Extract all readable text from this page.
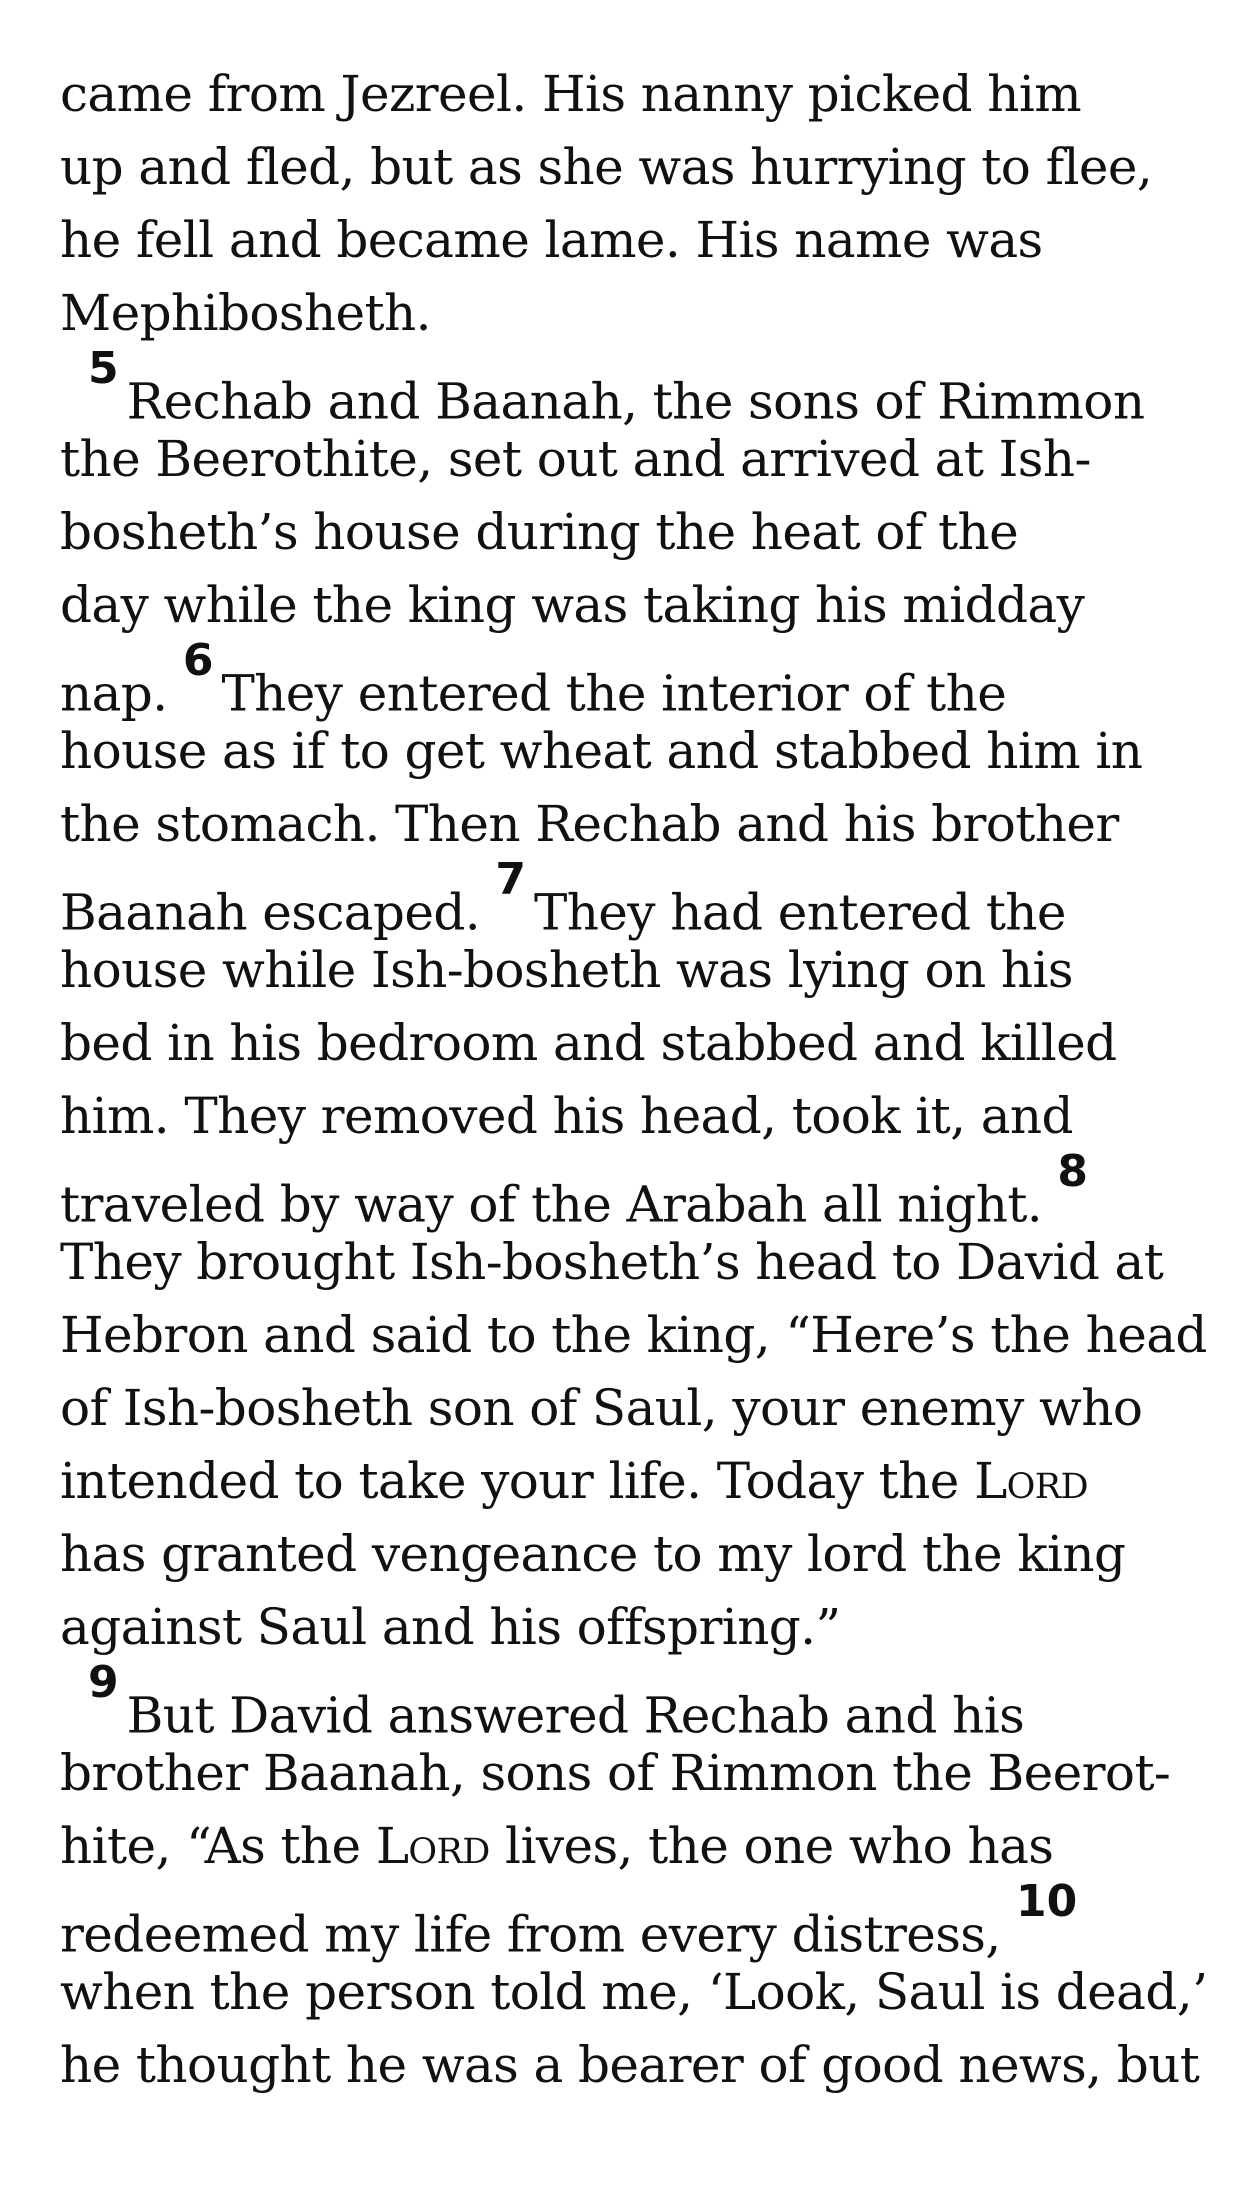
came from Jezreel. His nanny picked him
up and fled, but as she was hurrying to flee,
he fell and became lame. His name was
Mephibosheth.

$^5$Rechab and Baanah, the sons of Rimmon
the Beerothite, set out and arrived at Ish-
bosheth’s house during the heat of the
day while the king was taking his midday
nap. $^6$They entered the interior of the
house as if to get wheat and stabbed him in
the stomach. Then Rechab and his brother
Baanah escaped. $^7$They had entered the
house while Ish-bosheth was lying on his
bed in his bedroom and stabbed and killed
him. They removed his head, took it, and
traveled by way of the Arabah all night. $^8$
They brought Ish-bosheth’s head to David at
Hebron and said to the king, “Here’s the head
of Ish-bosheth son of Saul, your enemy who
intended to take your life. Today the Lord
has granted vengeance to my lord the king
against Saul and his offspring.”

$^9$But David answered Rechab and his
brother Baanah, sons of Rimmon the Beerot-
hite, “As the Lord lives, the one who has
redeemed my life from every distress, $^{10}$
when the person told me, ‘Look, Saul is dead,’
he thought he was a bearer of good news, but
